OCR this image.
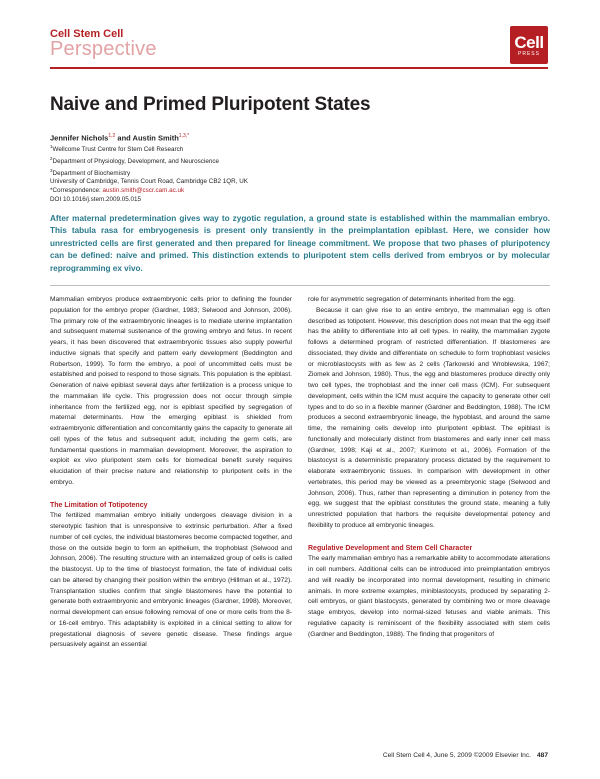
Cell Stem Cell
Perspective	Cell
PRESS
Naive and Primed Pluripotent States
Jennifer Nichols$^{1,2}$ and Austin Smith$^{1,3,*}$
$^1$Wellcome Trust Centre for Stem Cell Research
$^2$Department of Physiology, Development, and Neuroscience
$^3$Department of Biochemistry
University of Cambridge, Tennis Court Road, Cambridge CB2 1QR, UK
*Correspondence: austin.smith@cscr.cam.ac.uk
DOI 10.1016/j.stem.2009.05.015
After maternal predetermination gives way to zygotic regulation, a ground state is established within the mammalian embryo. This tabula rasa for embryogenesis is present only transiently in the preimplantation epiblast. Here, we consider how unrestricted cells are first generated and then prepared for lineage commitment. We propose that two phases of pluripotency can be defined: naive and primed. This distinction extends to pluripotent stem cells derived from embryos or by molecular reprogramming ex vivo.

Mammalian embryos produce extraembryonic cells prior to defining the founder population for the embryo proper (Gardner, 1983; Selwood and Johnson, 2006). The primary role of the extraembryonic lineages is to mediate uterine implantation and subsequent maternal sustenance of the growing embryo and fetus. In recent years, it has been discovered that extraembryonic tissues also supply powerful inductive signals that specify and pattern early development (Beddington and Robertson, 1999). To form the embryo, a pool of uncommitted cells must be established and poised to respond to those signals. This population is the epiblast. Generation of naive epiblast several days after fertilization is a process unique to the mammalian life cycle. This progression does not occur through simple inheritance from the fertilized egg, nor is epiblast specified by segregation of maternal determinants. How the emerging epiblast is shielded from extraembryonic differentiation and concomitantly gains the capacity to generate all cell types of the fetus and subsequent adult, including the germ cells, are fundamental questions in mammalian development. Moreover, the aspiration to exploit ex vivo pluripotent stem cells for biomedical benefit surely requires elucidation of their precise nature and relationship to pluripotent cells in the embryo.

The Limitation of Totipotency

The fertilized mammalian embryo initially undergoes cleavage division in a stereotypic fashion that is unresponsive to extrinsic perturbation. After a fixed number of cell cycles, the individual blastomeres become compacted together, and those on the outside begin to form an epithelium, the trophoblast (Selwood and Johnson, 2006). The resulting structure with an internalized group of cells is called the blastocyst. Up to the time of blastocyst formation, the fate of individual cells can be altered by changing their position within the embryo (Hillman et al., 1972). Transplantation studies confirm that single blastomeres have the potential to generate both extraembryonic and embryonic lineages (Gardner, 1998). Moreover, normal development can ensue following removal of one or more cells from the 8- or 16-cell embryo. This adaptability is exploited in a clinical setting to allow for pregestational diagnosis of severe genetic disease. These findings argue persuasively against an essential

role for asymmetric segregation of determinants inherited from the egg.

Because it can give rise to an entire embryo, the mammalian egg is often described as totipotent. However, this description does not mean that the egg itself has the ability to differentiate into all cell types. In reality, the mammalian zygote follows a determined program of restricted differentiation. If blastomeres are dissociated, they divide and differentiate on schedule to form trophoblast vesicles or microblastocysts with as few as 2 cells (Tarkowski and Wroblewska, 1967; Ziomek and Johnson, 1980). Thus, the egg and blastomeres produce directly only two cell types, the trophoblast and the inner cell mass (ICM). For subsequent development, cells within the ICM must acquire the capacity to generate other cell types and to do so in a flexible manner (Gardner and Beddington, 1988). The ICM produces a second extraembryonic lineage, the hypoblast, and around the same time, the remaining cells develop into pluripotent epiblast. The epiblast is functionally and molecularly distinct from blastomeres and early inner cell mass (Gardner, 1998; Kaji et al., 2007; Kurimoto et al., 2006). Formation of the blastocyst is a deterministic preparatory process dictated by the requirement to elaborate extraembryonic tissues. In comparison with development in other vertebrates, this period may be viewed as a preembryonic stage (Selwood and Johnson, 2006). Thus, rather than representing a diminution in potency from the egg, we suggest that the epiblast constitutes the ground state, meaning a fully unrestricted population that harbors the requisite developmental potency and flexibility to produce all embryonic lineages.

Regulative Development and Stem Cell Character

The early mammalian embryo has a remarkable ability to accommodate alterations in cell numbers. Additional cells can be introduced into preimplantation embryos and will readily be incorporated into normal development, resulting in chimeric animals. In more extreme examples, miniblastocysts, produced by separating 2-cell embryos, or giant blastocysts, generated by combining two or more cleavage stage embryos, develop into normal-sized fetuses and viable animals. This regulative capacity is reminiscent of the flexibility associated with stem cells (Gardner and Beddington, 1988). The finding that progenitors of

Cell Stem Cell 4, June 5, 2009 ©2009 Elsevier Inc. 487
